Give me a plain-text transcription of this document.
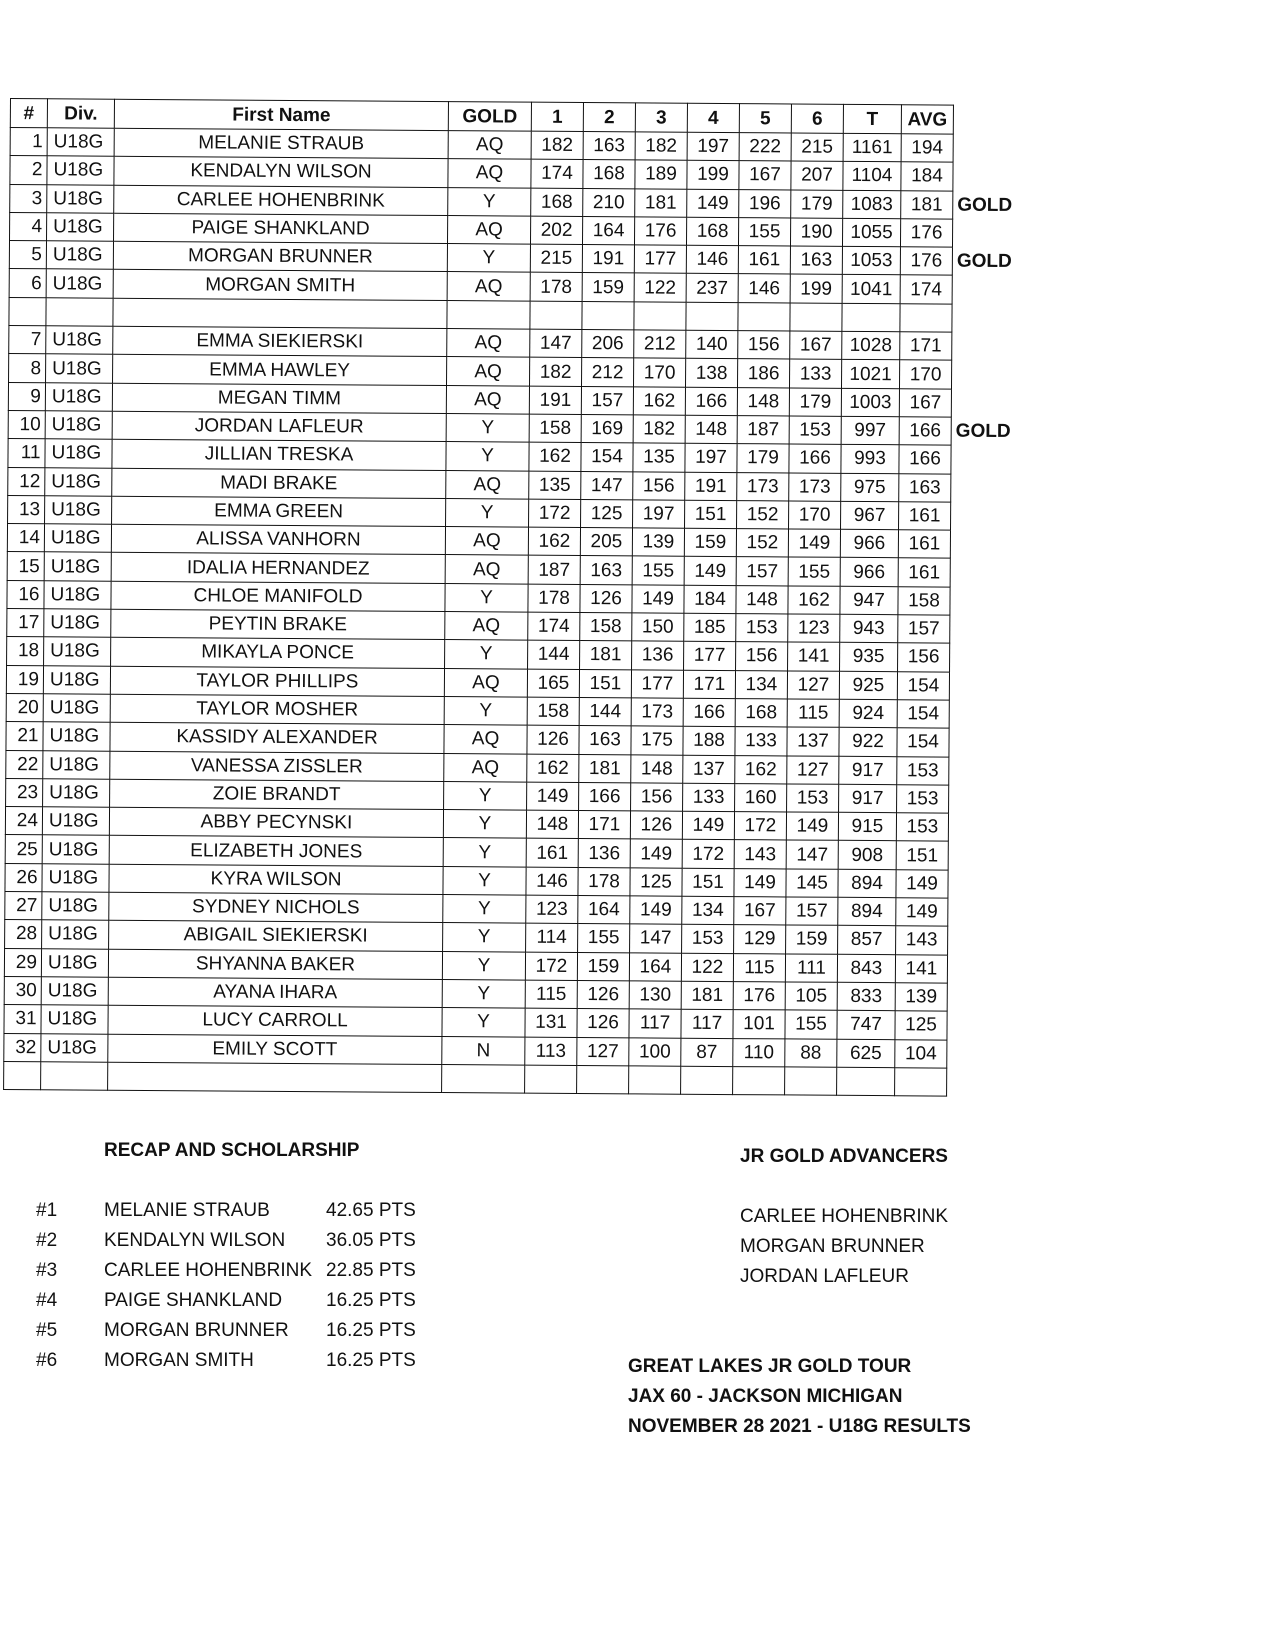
#	Div.	First Name	GOLD	1	2	3	4	5	6	T	AVG	
1	U18G	MELANIE STRAUB	AQ	182	163	182	197	222	215	1161	194	
2	U18G	KENDALYN WILSON	AQ	174	168	189	199	167	207	1104	184	
3	U18G	CARLEE HOHENBRINK	Y	168	210	181	149	196	179	1083	181	GOLD
4	U18G	PAIGE SHANKLAND	AQ	202	164	176	168	155	190	1055	176	
5	U18G	MORGAN BRUNNER	Y	215	191	177	146	161	163	1053	176	GOLD
6	U18G	MORGAN SMITH	AQ	178	159	122	237	146	199	1041	174	

7	U18G	EMMA SIEKIERSKI	AQ	147	206	212	140	156	167	1028	171	
8	U18G	EMMA HAWLEY	AQ	182	212	170	138	186	133	1021	170	
9	U18G	MEGAN TIMM	AQ	191	157	162	166	148	179	1003	167	
10	U18G	JORDAN LAFLEUR	Y	158	169	182	148	187	153	997	166	GOLD
11	U18G	JILLIAN TRESKA	Y	162	154	135	197	179	166	993	166	
12	U18G	MADI BRAKE	AQ	135	147	156	191	173	173	975	163	
13	U18G	EMMA GREEN	Y	172	125	197	151	152	170	967	161	
14	U18G	ALISSA VANHORN	AQ	162	205	139	159	152	149	966	161	
15	U18G	IDALIA HERNANDEZ	AQ	187	163	155	149	157	155	966	161	
16	U18G	CHLOE MANIFOLD	Y	178	126	149	184	148	162	947	158	
17	U18G	PEYTIN BRAKE	AQ	174	158	150	185	153	123	943	157	
18	U18G	MIKAYLA PONCE	Y	144	181	136	177	156	141	935	156	
19	U18G	TAYLOR PHILLIPS	AQ	165	151	177	171	134	127	925	154	
20	U18G	TAYLOR MOSHER	Y	158	144	173	166	168	115	924	154	
21	U18G	KASSIDY ALEXANDER	AQ	126	163	175	188	133	137	922	154	
22	U18G	VANESSA ZISSLER	AQ	162	181	148	137	162	127	917	153	
23	U18G	ZOIE BRANDT	Y	149	166	156	133	160	153	917	153	
24	U18G	ABBY PECYNSKI	Y	148	171	126	149	172	149	915	153	
25	U18G	ELIZABETH JONES	Y	161	136	149	172	143	147	908	151	
26	U18G	KYRA WILSON	Y	146	178	125	151	149	145	894	149	
27	U18G	SYDNEY NICHOLS	Y	123	164	149	134	167	157	894	149	
28	U18G	ABIGAIL SIEKIERSKI	Y	114	155	147	153	129	159	857	143	
29	U18G	SHYANNA BAKER	Y	172	159	164	122	115	111	843	141	
30	U18G	AYANA IHARA	Y	115	126	130	181	176	105	833	139	
31	U18G	LUCY CARROLL	Y	131	126	117	117	101	155	747	125	
32	U18G	EMILY SCOTT	N	113	127	100	87	110	88	625	104	

RECAP AND SCHOLARSHIP
#1 MELANIE STRAUB	42.65 PTS
#2 KENDALYN WILSON 36.05 PTS
#3 CARLEE HOHENBRINK 22.85 PTS
#4 PAIGE SHANKLAND 16.25 PTS
#5 MORGAN BRUNNER 16.25 PTS
#6 MORGAN SMITH	16.25 PTS
JR GOLD ADVANCERS
CARLEE HOHENBRINK
MORGAN BRUNNER
JORDAN LAFLEUR
GREAT LAKES JR GOLD TOUR
JAX 60 - JACKSON MICHIGAN
NOVEMBER 28 2021 - U18G RESULTS
